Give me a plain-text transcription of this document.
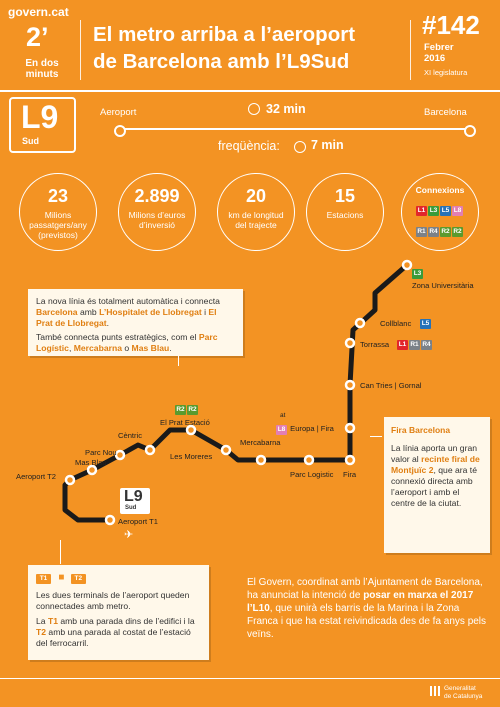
govern.cat
2’
En dos minuts
El metro arriba a l’aeroport
de Barcelona amb l’L9Sud
#142
Febrer
2016
XI legislatura
L9
Sud
Aeroport	Barcelona
32 min
freqüència: 7 min
23
Milions passatgers/any (previstos)
2.899
Milions d’euros d’inversió
20
km de longitud del trajecte
15
Estacions
Connexions
L1 L3 L5 L8
R1 R4 R2 R2
La nova línia és totalment automàtica i connecta Barcelona amb L’Hospitalet de Llobregat i El Prat de Llobregat.
També connecta punts estratègics, com el Parc Logístic, Mercabarna o Mas Blau.
L3
Zona Universitària
Collblanc L5
Torrassa L1 R1 R4
Can Tries | Gornal
at
L8 Europa | Fira
Fira
Parc Logistic
Mercabarna
Les Moreres
R2 R2
El Prat Estació
Cèntric
Parc Nou
Mas Blau
Aeroport T2
Aeroport T1
L9
Sud
✈
Fira Barcelona
La línia aporta un gran valor al recinte firal de Montjuïc 2, que ara té connexió directa amb l’aeroport i amb el centre de la ciutat.
T1 ■ T2
Les dues terminals de l’aeroport queden connectades amb metro.
La T1 amb una parada dins de l’edifici i la T2 amb una parada al costat de l’estació del ferrocarril.
El Govern, coordinat amb l’Ajuntament de Barcelona, ha anunciat la intenció de posar en marxa el 2017 l’L10, que unirà els barris de la Marina i la Zona Franca i que ha estat reivindicada des de fa anys pels veïns.
Generalitat
de Catalunya
